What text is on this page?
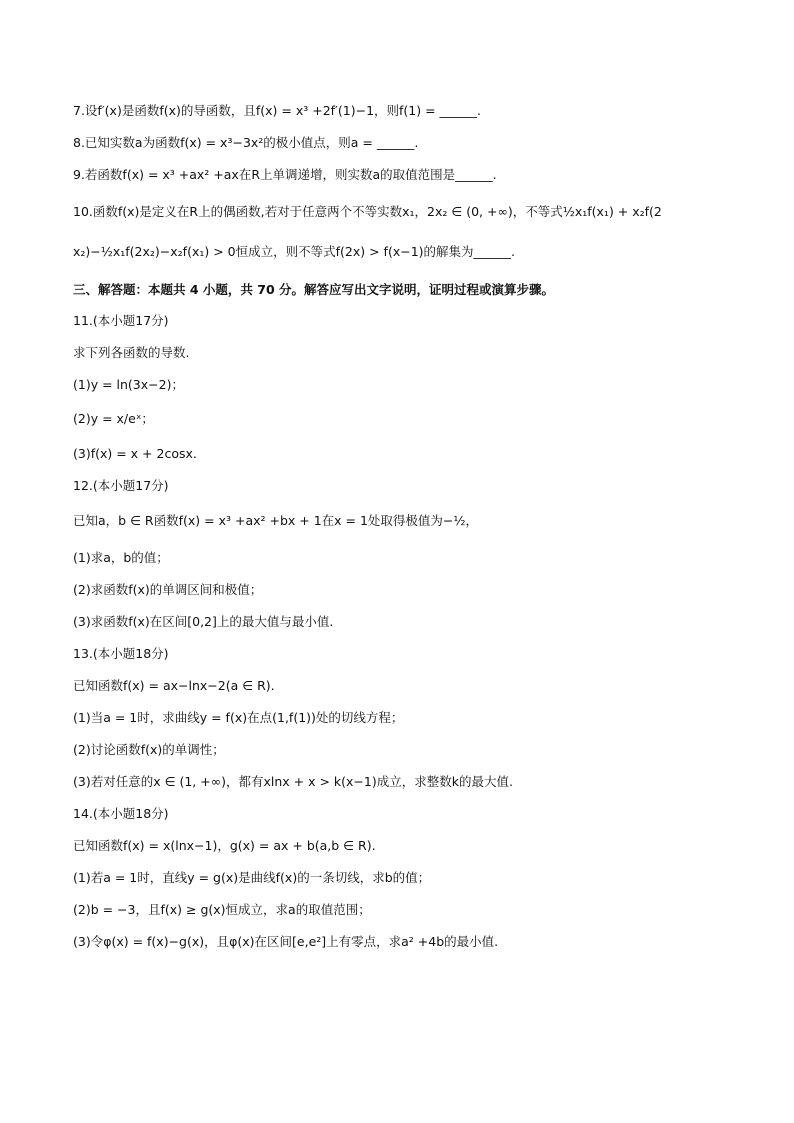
7.设f′(x)是函数f(x)的导函数，且f(x) = x³ +2f′(1)−1，则f(1) = ______.
8.已知实数a为函数f(x) = x³−3x²的极小值点，则a = ______.
9.若函数f(x) = x³ +ax² +ax在R上单调递增，则实数a的取值范围是______.
10.函数f(x)是定义在R上的偶函数,若对于任意两个不等实数x₁，2x₂ ∈ (0, +∞)，不等式½x₁f(x₁) + x₂f(2
x₂)−½x₁f(2x₂)−x₂f(x₁) > 0恒成立，则不等式f(2x) > f(x−1)的解集为______.
三、解答题：本题共 4 小题，共 70 分。解答应写出文字说明，证明过程或演算步骤。
11.(本小题17分)
求下列各函数的导数.
(1)y = ln(3x−2)；
(2)y = x/eˣ；
(3)f(x) = x + 2cosx.
12.(本小题17分)
已知a，b ∈ R函数f(x) = x³ +ax² +bx + 1在x = 1处取得极值为−½，
(1)求a，b的值；
(2)求函数f(x)的单调区间和极值；
(3)求函数f(x)在区间[0,2]上的最大值与最小值.
13.(本小题18分)
已知函数f(x) = ax−lnx−2(a ∈ R).
(1)当a = 1时，求曲线y = f(x)在点(1,f(1))处的切线方程；
(2)讨论函数f(x)的单调性；
(3)若对任意的x ∈ (1, +∞)，都有xlnx + x > k(x−1)成立，求整数k的最大值.
14.(本小题18分)
已知函数f(x) = x(lnx−1)，g(x) = ax + b(a,b ∈ R).
(1)若a = 1时，直线y = g(x)是曲线f(x)的一条切线，求b的值；
(2)b = −3，且f(x) ≥ g(x)恒成立，求a的取值范围；
(3)令φ(x) = f(x)−g(x)，且φ(x)在区间[e,e²]上有零点，求a² +4b的最小值.
